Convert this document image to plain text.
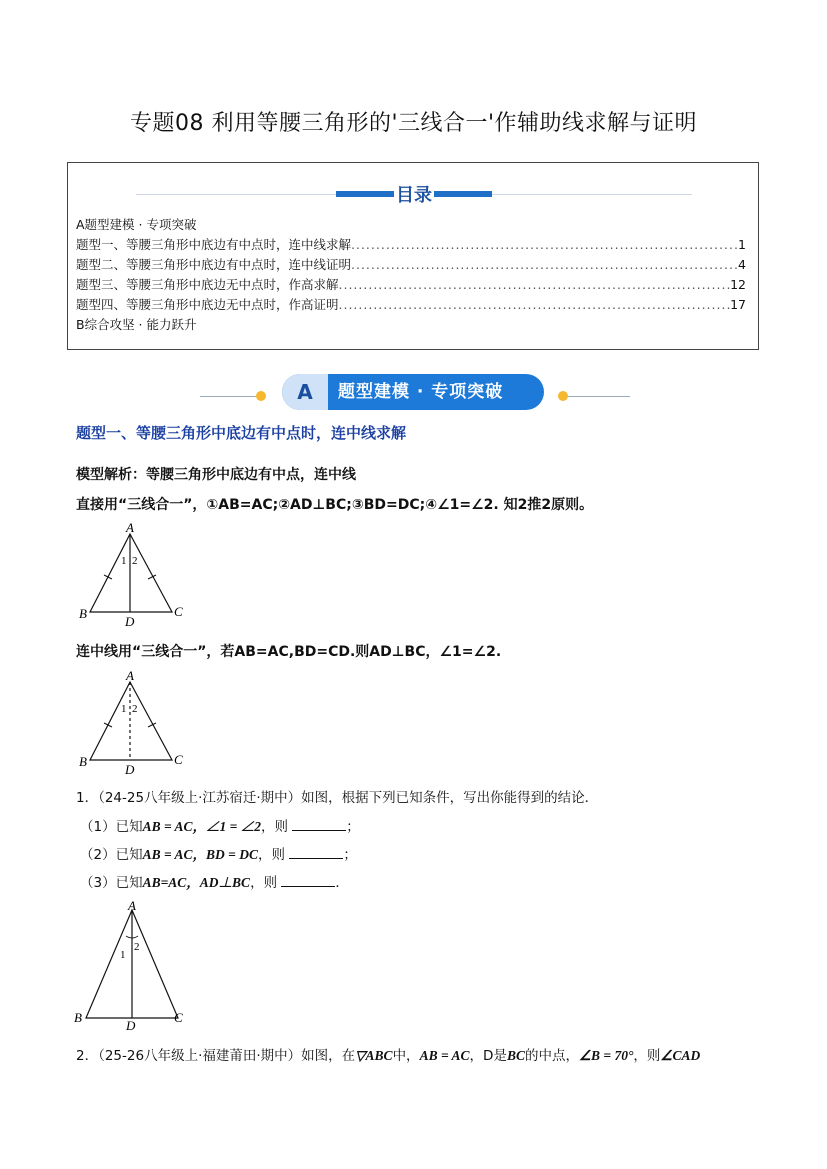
专题08 利用等腰三角形的'三线合一'作辅助线求解与证明
目录
A题型建模 · 专项突破
题型一、等腰三角形中底边有中点时，连中线求解 .....	1
题型二、等腰三角形中底边有中点时，连中线证明 .....	4
题型三、等腰三角形中底边无中点时，作高求解 .....	12
题型四、等腰三角形中底边无中点时，作高证明 .....	17
B综合攻坚 · 能力跃升
A	题型建模 · 专项突破
题型一、等腰三角形中底边有中点时，连中线求解
模型解析：等腰三角形中底边有中点，连中线
直接用“三线合一”，①AB=AC;②AD⊥BC;③BD=DC;④∠1=∠2. 知2推2原则。
A
B	C
D
1 2
连中线用“三线合一”，若AB=AC,BD=CD.则AD⊥BC，∠1=∠2.
A
B	C
D
1 2
1．（24-25八年级上·江苏宿迁·期中）如图，根据下列已知条件，写出你能得到的结论．
（1）已知AB = AC，∠1 = ∠2，则	；
（2）已知AB = AC，BD = DC，则	；
（3）已知AB=AC，AD⊥BC，则	．
A
B	C
D
1
2
2．（25-26八年级上·福建莆田·期中）如图，在▽ABC中，AB = AC，D是BC的中点，∠B = 70°，则∠CAD
